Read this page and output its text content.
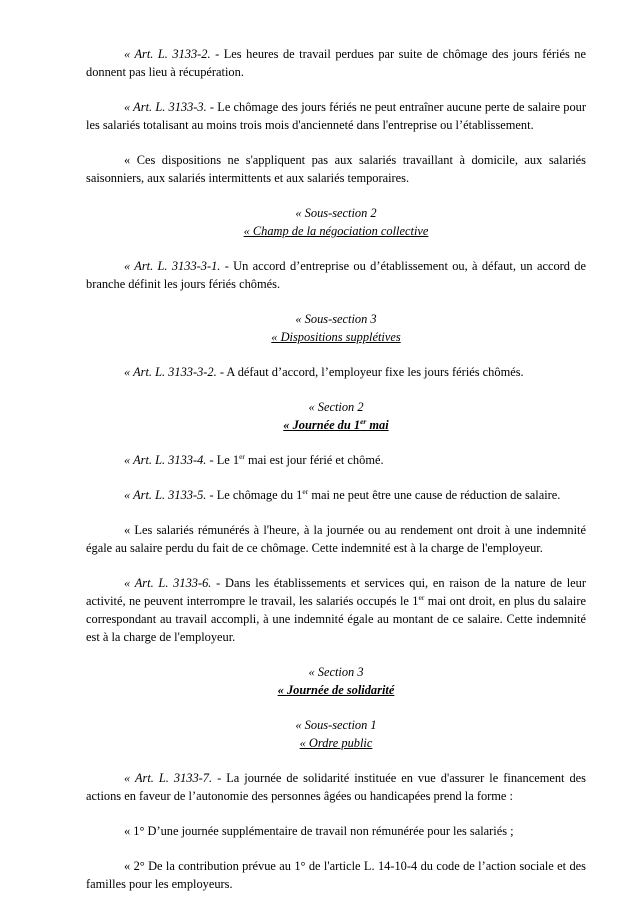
« Art. L. 3133-2. - Les heures de travail perdues par suite de chômage des jours fériés ne donnent pas lieu à récupération.

« Art. L. 3133-3. - Le chômage des jours fériés ne peut entraîner aucune perte de salaire pour les salariés totalisant au moins trois mois d'ancienneté dans l'entreprise ou l’établissement.

« Ces dispositions ne s'appliquent pas aux salariés travaillant à domicile, aux salariés saisonniers, aux salariés intermittents et aux salariés temporaires.

« Sous-section 2

« Champ de la négociation collective

« Art. L. 3133-3-1. - Un accord d’entreprise ou d’établissement ou, à défaut, un accord de branche définit les jours fériés chômés.

« Sous-section 3

« Dispositions supplétives

« Art. L. 3133-3-2. - A défaut d’accord, l’employeur fixe les jours fériés chômés.

« Section 2

« Journée du 1er mai

« Art. L. 3133-4. - Le 1er mai est jour férié et chômé.

« Art. L. 3133-5. - Le chômage du 1er mai ne peut être une cause de réduction de salaire.

« Les salariés rémunérés à l'heure, à la journée ou au rendement ont droit à une indemnité égale au salaire perdu du fait de ce chômage. Cette indemnité est à la charge de l'employeur.

« Art. L. 3133-6. - Dans les établissements et services qui, en raison de la nature de leur activité, ne peuvent interrompre le travail, les salariés occupés le 1er mai ont droit, en plus du salaire correspondant au travail accompli, à une indemnité égale au montant de ce salaire. Cette indemnité est à la charge de l'employeur.

« Section 3

« Journée de solidarité

« Sous-section 1

« Ordre public

« Art. L. 3133-7. - La journée de solidarité instituée en vue d'assurer le financement des actions en faveur de l’autonomie des personnes âgées ou handicapées prend la forme :

« 1° D’une journée supplémentaire de travail non rémunérée pour les salariés ;

« 2° De la contribution prévue au 1° de l'article L. 14-10-4 du code de l’action sociale et des familles pour les employeurs.
